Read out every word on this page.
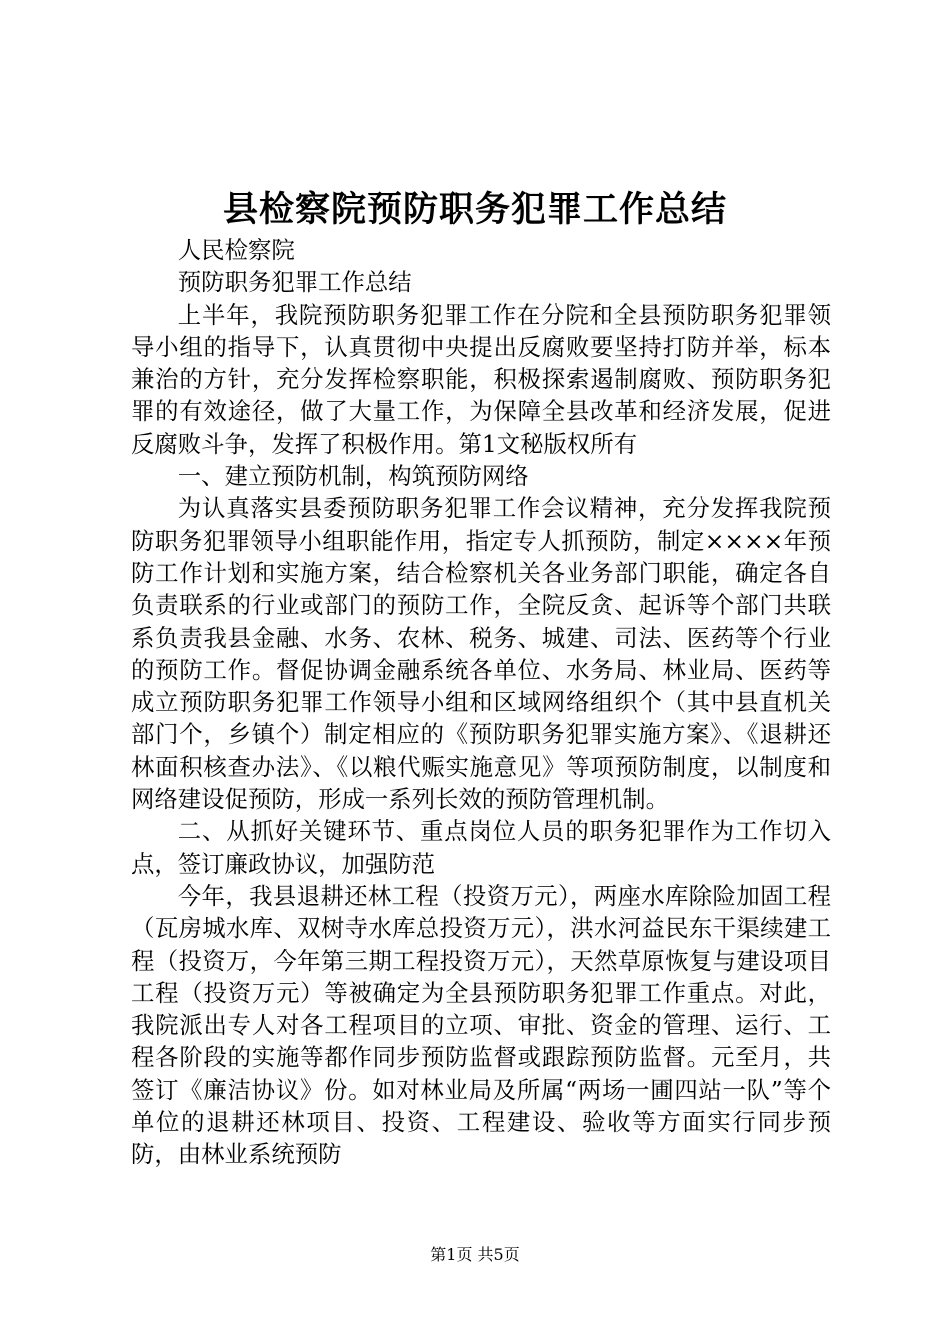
县检察院预防职务犯罪工作总结

人民检察院

预防职务犯罪工作总结

上半年，我院预防职务犯罪工作在分院和全县预防职务犯罪领导小组的指导下，认真贯彻中央提出反腐败要坚持打防并举，标本兼治的方针，充分发挥检察职能，积极探索遏制腐败、预防职务犯罪的有效途径，做了大量工作，为保障全县改革和经济发展，促进反腐败斗争，发挥了积极作用。第1文秘版权所有

一、建立预防机制，构筑预防网络

为认真落实县委预防职务犯罪工作会议精神，充分发挥我院预防职务犯罪领导小组职能作用，指定专人抓预防，制定××××年预防工作计划和实施方案，结合检察机关各业务部门职能，确定各自负责联系的行业或部门的预防工作，全院反贪、起诉等个部门共联系负责我县金融、水务、农林、税务、城建、司法、医药等个行业的预防工作。督促协调金融系统各单位、水务局、林业局、医药等成立预防职务犯罪工作领导小组和区域网络组织个（其中县直机关部门个，乡镇个）制定相应的《预防职务犯罪实施方案》、《退耕还林面积核查办法》、《以粮代赈实施意见》等项预防制度，以制度和网络建设促预防，形成一系列长效的预防管理机制。

二、从抓好关键环节、重点岗位人员的职务犯罪作为工作切入点，签订廉政协议，加强防范

今年，我县退耕还林工程（投资万元），两座水库除险加固工程（瓦房城水库、双树寺水库总投资万元），洪水河益民东干渠续建工程（投资万，今年第三期工程投资万元），天然草原恢复与建设项目工程（投资万元）等被确定为全县预防职务犯罪工作重点。对此，我院派出专人对各工程项目的立项、审批、资金的管理、运行、工程各阶段的实施等都作同步预防监督或跟踪预防监督。元至月，共签订《廉洁协议》份。如对林业局及所属“两场一圃四站一队”等个单位的退耕还林项目、投资、工程建设、验收等方面实行同步预防，由林业系统预防

第1页 共5页
